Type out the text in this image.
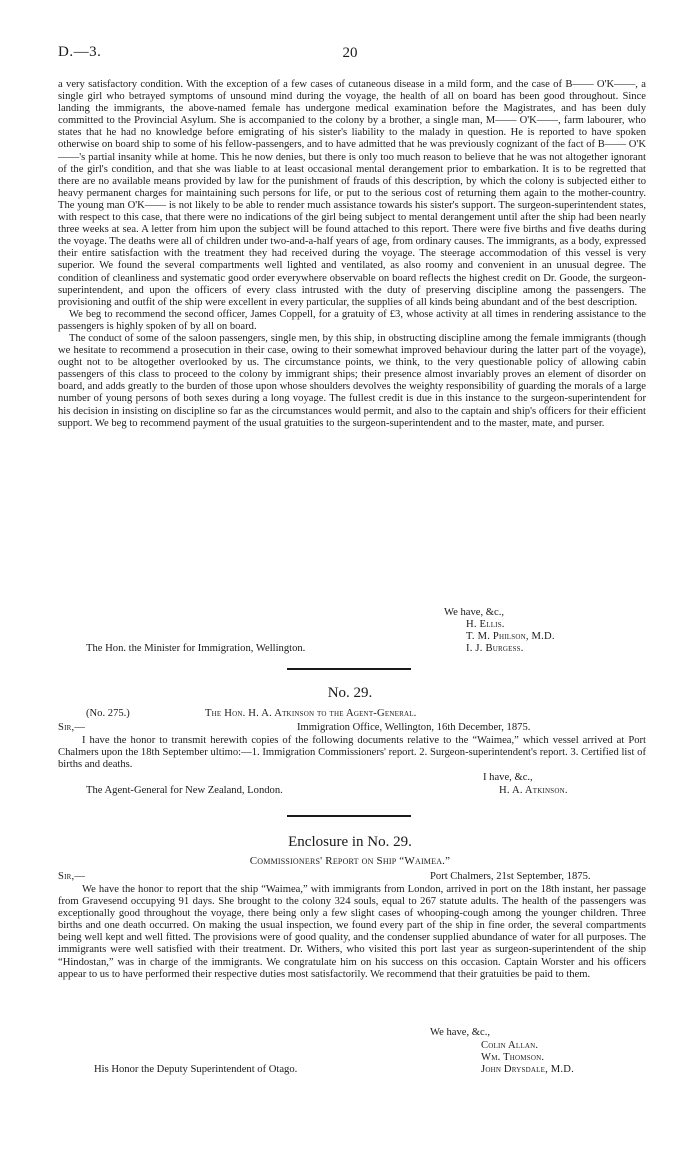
D.—3.	20

a very satisfactory condition. With the exception of a few cases of cutaneous disease in a mild form, and the case of B—— O'K——, a single girl who betrayed symptoms of unsound mind during the voyage, the health of all on board has been good throughout. Since landing the immigrants, the above-named female has undergone medical examination before the Magistrates, and has been duly committed to the Provincial Asylum. She is accompanied to the colony by a brother, a single man, M—— O'K——, farm labourer, who states that he had no knowledge before emigrating of his sister's liability to the malady in question. He is reported to have spoken otherwise on board ship to some of his fellow-passengers, and to have admitted that he was previously cognizant of the fact of B—— O'K——'s partial insanity while at home. This he now denies, but there is only too much reason to believe that he was not altogether ignorant of the girl's condition, and that she was liable to at least occasional mental derangement prior to embarkation. It is to be regretted that there are no available means provided by law for the punishment of frauds of this description, by which the colony is subjected either to heavy permanent charges for maintaining such persons for life, or put to the serious cost of returning them again to the mother-country. The young man O'K—— is not likely to be able to render much assistance towards his sister's support. The surgeon-superintendent states, with respect to this case, that there were no indications of the girl being subject to mental derangement until after the ship had been nearly three weeks at sea. A letter from him upon the subject will be found attached to this report. There were five births and five deaths during the voyage. The deaths were all of children under two-and-a-half years of age, from ordinary causes. The immigrants, as a body, expressed their entire satisfaction with the treatment they had received during the voyage. The steerage accommodation of this vessel is very superior. We found the several compartments well lighted and ventilated, as also roomy and convenient in an unusual degree. The condition of cleanliness and systematic good order everywhere observable on board reflects the highest credit on Dr. Goode, the surgeon-superintendent, and upon the officers of every class intrusted with the duty of preserving discipline among the passengers. The provisioning and outfit of the ship were excellent in every particular, the supplies of all kinds being abundant and of the best description.

We beg to recommend the second officer, James Coppell, for a gratuity of £3, whose activity at all times in rendering assistance to the passengers is highly spoken of by all on board.

The conduct of some of the saloon passengers, single men, by this ship, in obstructing discipline among the female immigrants (though we hesitate to recommend a prosecution in their case, owing to their somewhat improved behaviour during the latter part of the voyage), ought not to be altogether overlooked by us. The circumstance points, we think, to the very questionable policy of allowing cabin passengers of this class to proceed to the colony by immigrant ships; their presence almost invariably proves an element of disorder on board, and adds greatly to the burden of those upon whose shoulders devolves the weighty responsibility of guarding the morals of a large number of young persons of both sexes during a long voyage. The fullest credit is due in this instance to the surgeon-superintendent for his decision in insisting on discipline so far as the circumstances would permit, and also to the captain and ship's officers for their efficient support. We beg to recommend payment of the usual gratuities to the surgeon-superintendent and to the master, mate, and purser.

We have, &c.,
H. Ellis.
T. M. Philson, M.D.
I. J. Burgess.
The Hon. the Minister for Immigration, Wellington.
No. 29.
(No. 275.)	The Hon. H. A. Atkinson to the Agent-General.
Sir,—	Immigration Office, Wellington, 16th December, 1875.

I have the honor to transmit herewith copies of the following documents relative to the “Waimea,” which vessel arrived at Port Chalmers upon the 18th September ultimo:—1. Immigration Commissioners' report. 2. Surgeon-superintendent's report. 3. Certified list of births and deaths.

I have, &c.,
The Agent-General for New Zealand, London.	H. A. Atkinson.
Enclosure in No. 29.
Commissioners' Report on Ship “Waimea.”
Sir,—	Port Chalmers, 21st September, 1875.

We have the honor to report that the ship “Waimea,” with immigrants from London, arrived in port on the 18th instant, her passage from Gravesend occupying 91 days. She brought to the colony 324 souls, equal to 267 statute adults. The health of the passengers was exceptionally good throughout the voyage, there being only a few slight cases of whooping-cough among the younger children. Three births and one death occurred. On making the usual inspection, we found every part of the ship in fine order, the several compartments being well kept and well fitted. The provisions were of good quality, and the condenser supplied abundance of water for all purposes. The immigrants were well satisfied with their treatment. Dr. Withers, who visited this port last year as surgeon-superintendent of the ship “Hindostan,” was in charge of the immigrants. We congratulate him on his success on this occasion. Captain Worster and his officers appear to us to have performed their respective duties most satisfactorily. We recommend that their gratuities be paid to them.

We have, &c.,
Colin Allan.
Wm. Thomson.
John Drysdale, M.D.
His Honor the Deputy Superintendent of Otago.
